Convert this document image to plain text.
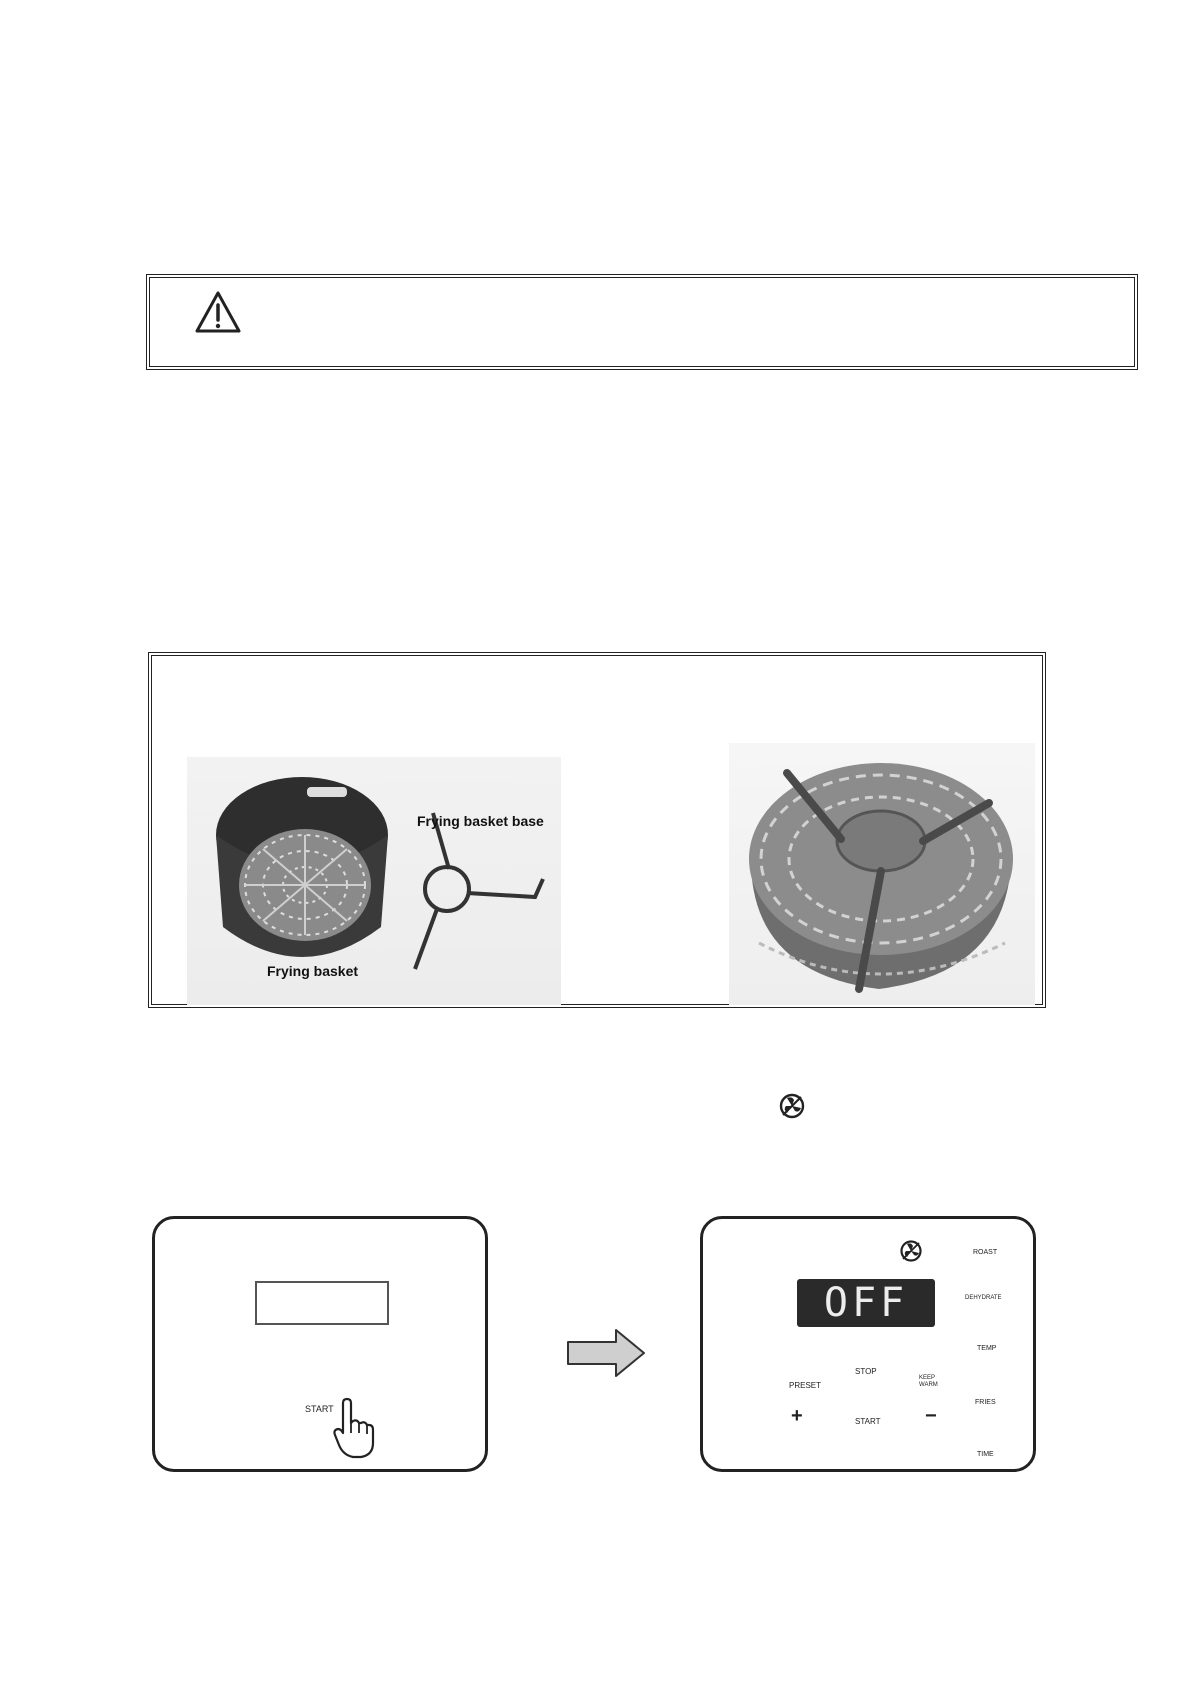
Frying basket base
Frying basket
START
OFF
STOP
PRESET
KEEP WARM
+	START −
ROAST
DEHYDRATE
TEMP
FRIES
TIME
